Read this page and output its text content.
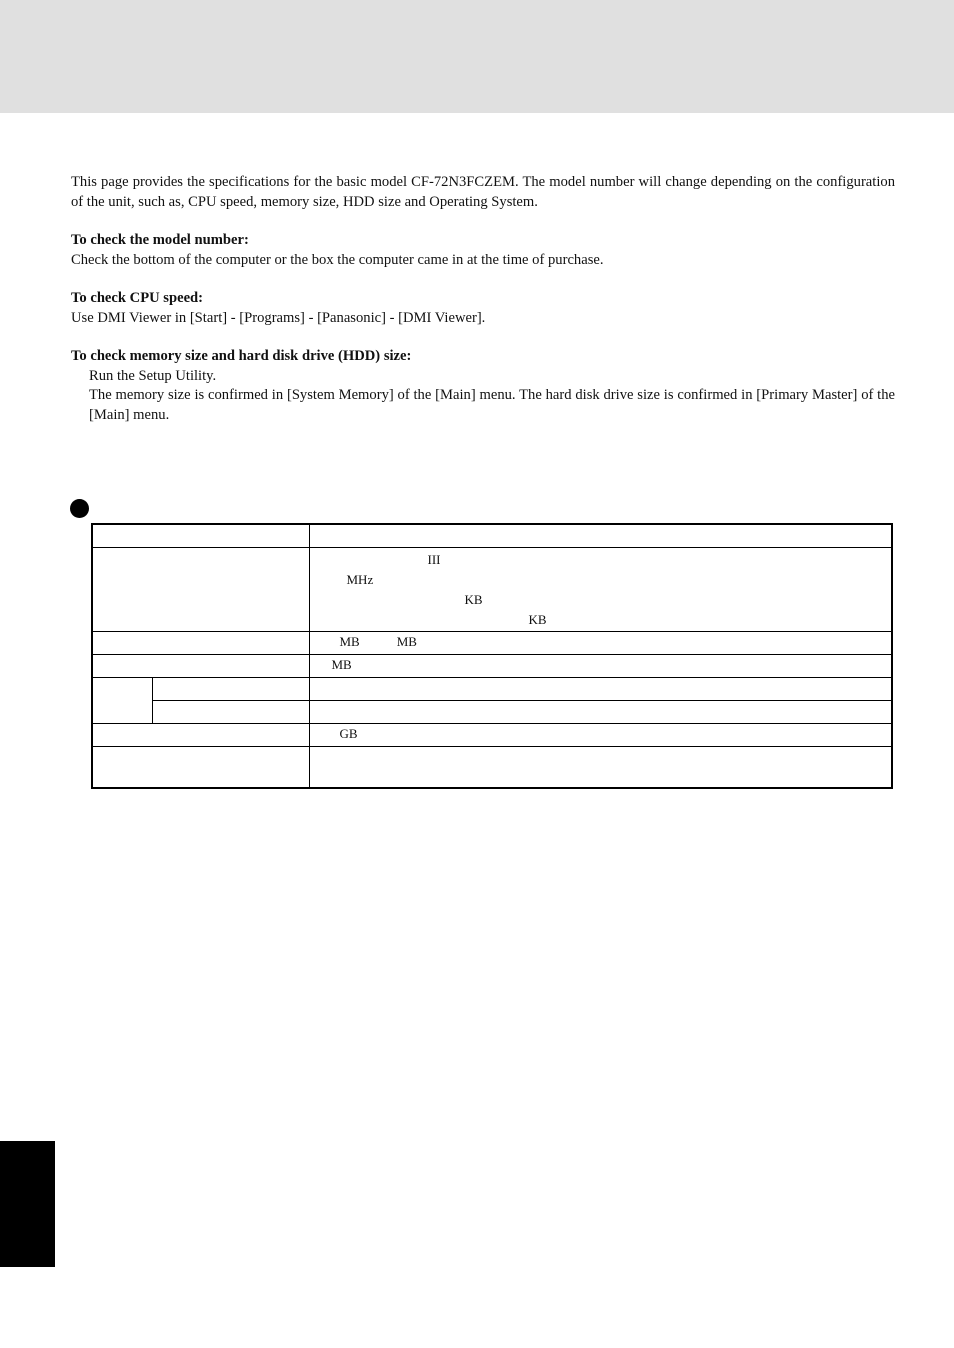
This page provides the specifications for the basic model CF-72N3FCZEM. The model number will change depending on the configuration of the unit, such as, CPU speed, memory size, HDD size and Operating System.

To check the model number:

Check the bottom of the computer or the box the computer came in at the time of purchase.

To check CPU speed:

Use DMI Viewer in [Start] - [Programs] - [Panasonic] - [DMI Viewer].

To check memory size and hard disk drive (HDD) size:

Run the Setup Utility.

The memory size is confirmed in [System Memory] of the [Main] menu. The hard disk drive size is confirmed in [Primary Master] of the [Main] menu.

		III
MHz
KB
KB

		MB MB
		MB

		GB
